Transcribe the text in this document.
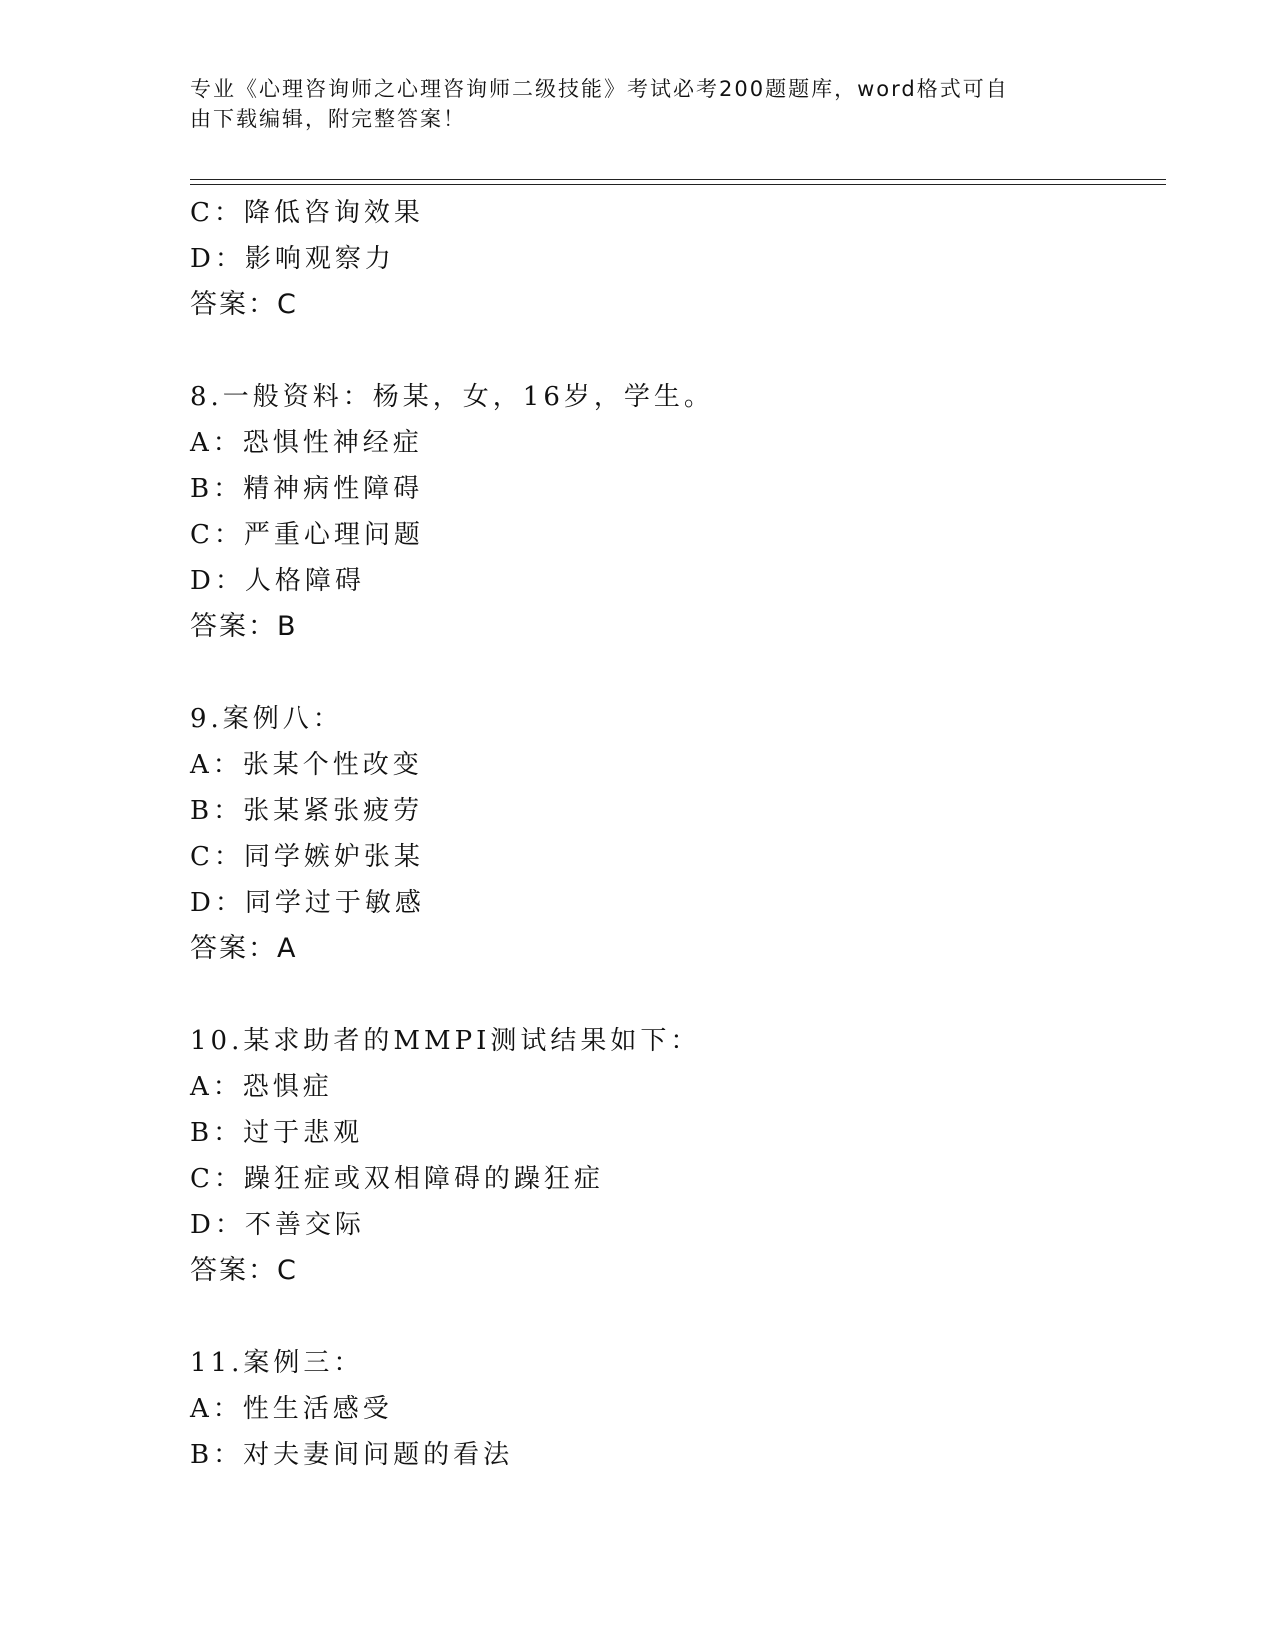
专业《心理咨询师之心理咨询师二级技能》考试必考200题题库，word格式可自
由下载编辑，附完整答案！
C：降低咨询效果
D：影响观察力
答案：C
8.一般资料：杨某，女，16岁，学生。
A：恐惧性神经症
B：精神病性障碍
C：严重心理问题
D：人格障碍
答案：B
9.案例八：
A：张某个性改变
B：张某紧张疲劳
C：同学嫉妒张某
D：同学过于敏感
答案：A
10.某求助者的MMPI测试结果如下：
A：恐惧症
B：过于悲观
C：躁狂症或双相障碍的躁狂症
D：不善交际
答案：C
11.案例三：
A：性生活感受
B：对夫妻间问题的看法
